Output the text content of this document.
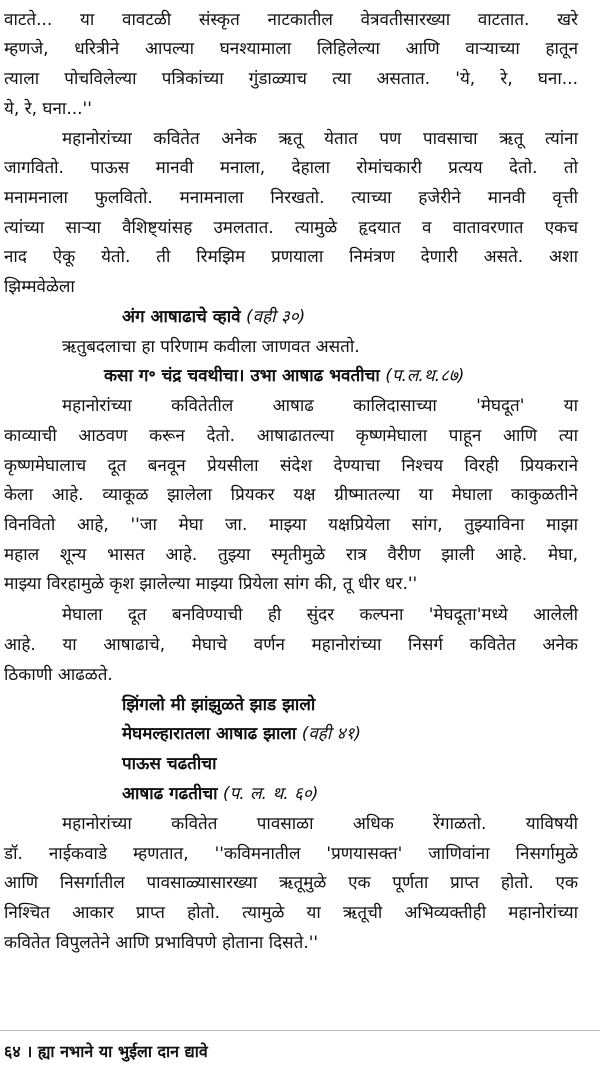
६४ । ह्या नभाने या भुईला दान द्यावे
वाटते... या वावटळी संस्कृत नाटकातील वेत्रवतीसारख्या वाटतात. खरे
म्हणजे, धरित्रीने आपल्या घनश्यामाला लिहिलेल्या आणि वाऱ्याच्या हातून
त्याला पोचविलेल्या पत्रिकांच्या गुंडाळ्याच त्या असतात. 'ये, रे, घना...
ये, रे, घना...''
महानोरांच्या कवितेत अनेक ऋतू येतात पण पावसाचा ऋतू त्यांना
जागवितो. पाऊस मानवी मनाला, देहाला रोमांचकारी प्रत्यय देतो. तो
मनामनाला फुलवितो. मनामनाला निरखतो. त्याच्या हजेरीने मानवी वृत्ती
त्यांच्या साऱ्या वैशिष्ट्यांसह उमलतात. त्यामुळे हृदयात व वातावरणात एकच
नाद ऐकू येतो. ती रिमझिम प्रणयाला निमंत्रण देणारी असते. अशा
झिम्मवेळेला
अंग आषाढाचे व्हावे (वही ३०)
ऋतुबदलाचा हा परिणाम कवीला जाणवत असतो.
कसा ग॰ चंद्र चवथीचा। उभा आषाढ भवतीचा (प.ल.थ.८७)
महानोरांच्या कवितेतील आषाढ कालिदासाच्या 'मेघदूत' या
काव्याची आठवण करून देतो. आषाढातल्या कृष्णमेघाला पाहून आणि त्या
कृष्णमेघालाच दूत बनवून प्रेयसीला संदेश देण्याचा निश्चय विरही प्रियकराने
केला आहे. व्याकूळ झालेला प्रियकर यक्ष ग्रीष्मातल्या या मेघाला काकुळतीने
विनवितो आहे, ''जा मेघा जा. माझ्या यक्षप्रियेला सांग, तुझ्याविना माझा
महाल शून्य भासत आहे. तुझ्या स्मृतीमुळे रात्र वैरीण झाली आहे. मेघा,
माझ्या विरहामुळे कृश झालेल्या माझ्या प्रियेला सांग की, तू धीर धर.''
मेघाला दूत बनविण्याची ही सुंदर कल्पना 'मेघदूता'मध्ये आलेली
आहे. या आषाढाचे, मेघाचे वर्णन महानोरांच्या निसर्ग कवितेत अनेक
ठिकाणी आढळते.
झिंगलो मी झांझुळते झाड झालो
मेघमल्हारातला आषाढ झाला (वही ४१)
पाऊस चढतीचा
आषाढ गढतीचा (प. ल. थ. ६०)
महानोरांच्या कवितेत पावसाळा अधिक रेंगाळतो. याविषयी
डॉ. नाईकवाडे म्हणतात, ''कविमनातील 'प्रणयासक्त' जाणिवांना निसर्गामुळे
आणि निसर्गातील पावसाळ्यासारख्या ऋतूमुळे एक पूर्णता प्राप्त होतो. एक
निश्चित आकार प्राप्त होतो. त्यामुळे या ऋतूची अभिव्यक्तीही महानोरांच्या
कवितेत विपुलतेने आणि प्रभाविपणे होताना दिसते.''
